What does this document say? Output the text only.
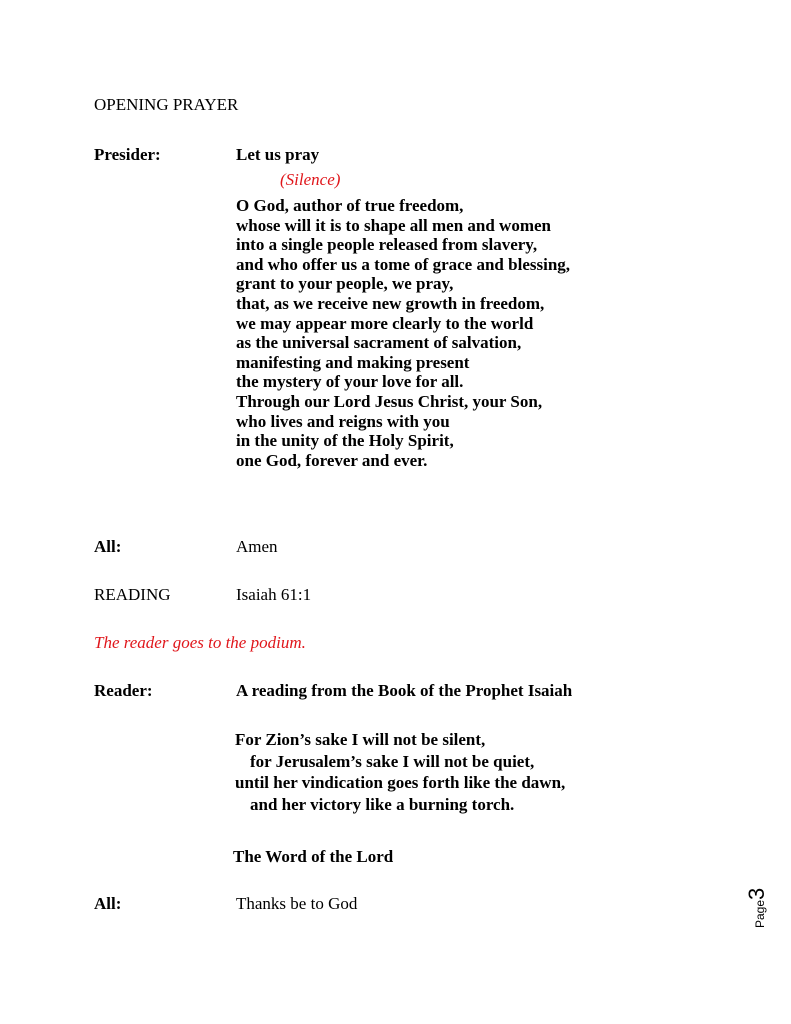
OPENING PRAYER
Presider:	Let us pray
(Silence)
O God, author of true freedom,
whose will it is to shape all men and women
into a single people released from slavery,
and who offer us a tome of grace and blessing,
grant to your people, we pray,
that, as we receive new growth in freedom,
we may appear more clearly to the world
as the universal sacrament of salvation,
manifesting and making present
the mystery of your love for all.
Through our Lord Jesus Christ, your Son,
who lives and reigns with you
in the unity of the Holy Spirit,
one God, forever and ever.
All:	Amen
READING	Isaiah 61:1
The reader goes to the podium.
Reader:	A reading from the Book of the Prophet Isaiah
For Zion’s sake I will not be silent,
for Jerusalem’s sake I will not be quiet,
until her vindication goes forth like the dawn,
and her victory like a burning torch.
The Word of the Lord
All:	Thanks be to God	Page3
